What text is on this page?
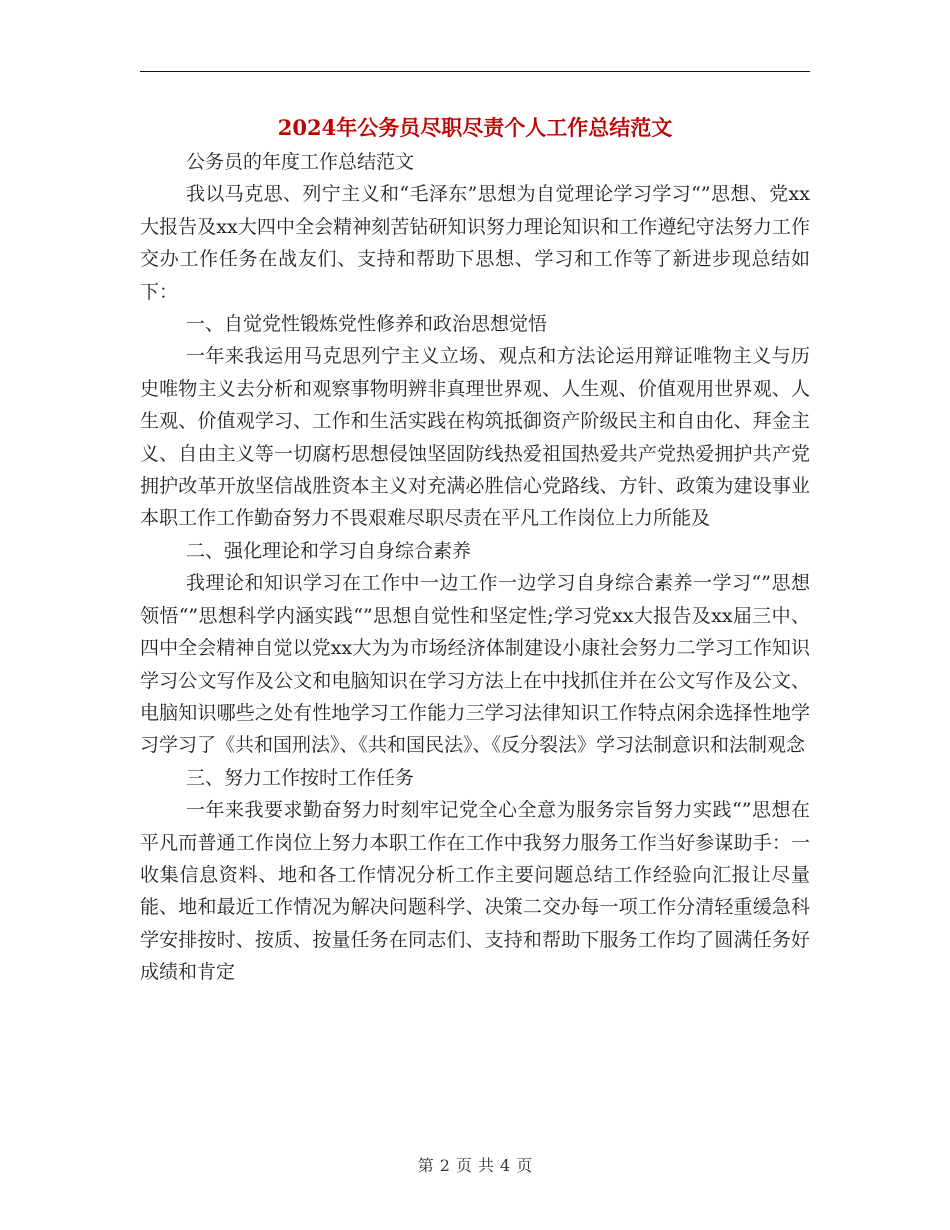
2024年公务员尽职尽责个人工作总结范文

公务员的年度工作总结范文

我以马克思、列宁主义和“毛泽东”思想为自觉理论学习学习“”思想、党xx大报告及xx大四中全会精神刻苦钻研知识努力理论知识和工作遵纪守法努力工作交办工作任务在战友们、支持和帮助下思想、学习和工作等了新进步现总结如下：

一、自觉党性锻炼党性修养和政治思想觉悟

一年来我运用马克思列宁主义立场、观点和方法论运用辩证唯物主义与历史唯物主义去分析和观察事物明辨非真理世界观、人生观、价值观用世界观、人生观、价值观学习、工作和生活实践在构筑抵御资产阶级民主和自由化、拜金主义、自由主义等一切腐朽思想侵蚀坚固防线热爱祖国热爱共产党热爱拥护共产党拥护改革开放坚信战胜资本主义对充满必胜信心党路线、方针、政策为建设事业本职工作工作勤奋努力不畏艰难尽职尽责在平凡工作岗位上力所能及

二、强化理论和学习自身综合素养

我理论和知识学习在工作中一边工作一边学习自身综合素养一学习“”思想领悟“”思想科学内涵实践“”思想自觉性和坚定性;学习党xx大报告及xx届三中、四中全会精神自觉以党xx大为为市场经济体制建设小康社会努力二学习工作知识学习公文写作及公文和电脑知识在学习方法上在中找抓住并在公文写作及公文、电脑知识哪些之处有性地学习工作能力三学习法律知识工作特点闲余选择性地学习学习了《共和国刑法》、《共和国民法》、《反分裂法》学习法制意识和法制观念

三、努力工作按时工作任务

一年来我要求勤奋努力时刻牢记党全心全意为服务宗旨努力实践“”思想在平凡而普通工作岗位上努力本职工作在工作中我努力服务工作当好参谋助手：一收集信息资料、地和各工作情况分析工作主要问题总结工作经验向汇报让尽量能、地和最近工作情况为解决问题科学、决策二交办每一项工作分清轻重缓急科学安排按时、按质、按量任务在同志们、支持和帮助下服务工作均了圆满任务好成绩和肯定

第 2 页 共 4 页
